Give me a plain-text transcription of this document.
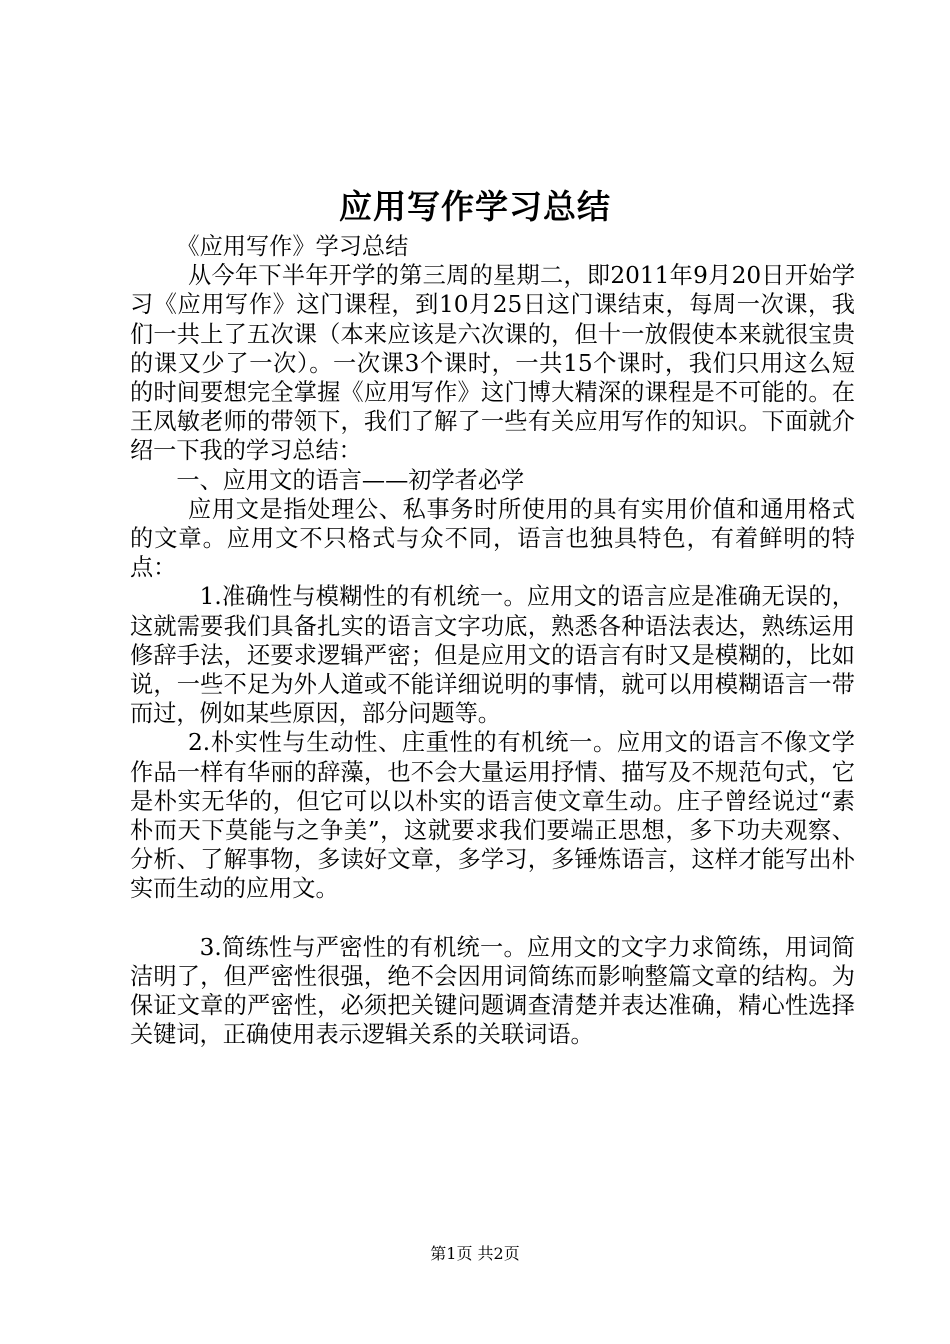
应用写作学习总结

《应用写作》学习总结

从今年下半年开学的第三周的星期二，即2011年9月20日开始学习《应用写作》这门课程，到10月25日这门课结束，每周一次课，我们一共上了五次课（本来应该是六次课的，但十一放假使本来就很宝贵的课又少了一次）。一次课3个课时，一共15个课时，我们只用这么短的时间要想完全掌握《应用写作》这门博大精深的课程是不可能的。在王凤敏老师的带领下，我们了解了一些有关应用写作的知识。下面就介绍一下我的学习总结：

一、应用文的语言——初学者必学

应用文是指处理公、私事务时所使用的具有实用价值和通用格式的文章。应用文不只格式与众不同，语言也独具特色，有着鲜明的特点：

1.准确性与模糊性的有机统一。应用文的语言应是准确无误的，这就需要我们具备扎实的语言文字功底，熟悉各种语法表达，熟练运用修辞手法，还要求逻辑严密；但是应用文的语言有时又是模糊的，比如说，一些不足为外人道或不能详细说明的事情，就可以用模糊语言一带而过，例如某些原因，部分问题等。

2.朴实性与生动性、庄重性的有机统一。应用文的语言不像文学作品一样有华丽的辞藻，也不会大量运用抒情、描写及不规范句式，它是朴实无华的，但它可以以朴实的语言使文章生动。庄子曾经说过“素朴而天下莫能与之争美”，这就要求我们要端正思想，多下功夫观察、分析、了解事物，多读好文章，多学习，多锤炼语言，这样才能写出朴实而生动的应用文。

3.简练性与严密性的有机统一。应用文的文字力求简练，用词简洁明了，但严密性很强，绝不会因用词简练而影响整篇文章的结构。为保证文章的严密性，必须把关键问题调查清楚并表达准确，精心性选择关键词，正确使用表示逻辑关系的关联词语。

第1页 共2页
